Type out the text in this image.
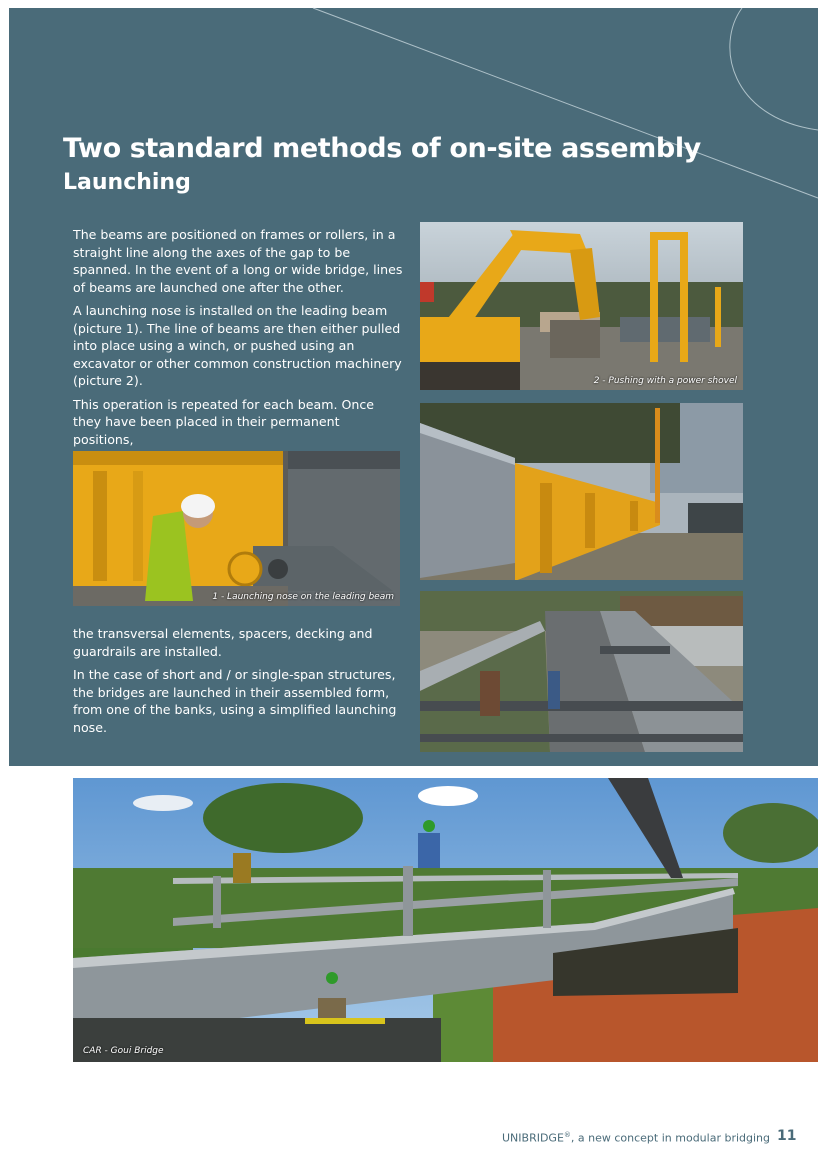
Two standard methods of on-site assembly
Launching

The beams are positioned on frames or rollers, in a straight line along the axes of the gap to be spanned. In the event of a long or wide bridge, lines of beams are launched one after the other.

A launching nose is installed on the leading beam (picture 1). The line of beams are then either pulled into place using a winch, or pushed using an excavator or other common construction machinery (picture 2).

This operation is repeated for each beam. Once they have been placed in their permanent positions,

the transversal elements, spacers, decking and guardrails are installed.

In the case of short and / or single-span structures, the bridges are launched in their assembled form, from one of the banks, using a simplified launching nose.

2 - Pushing with a power shovel
1 - Launching nose on the leading beam
CAR - Goui Bridge
UNIBRIDGE®, a new concept in modular bridging 11
